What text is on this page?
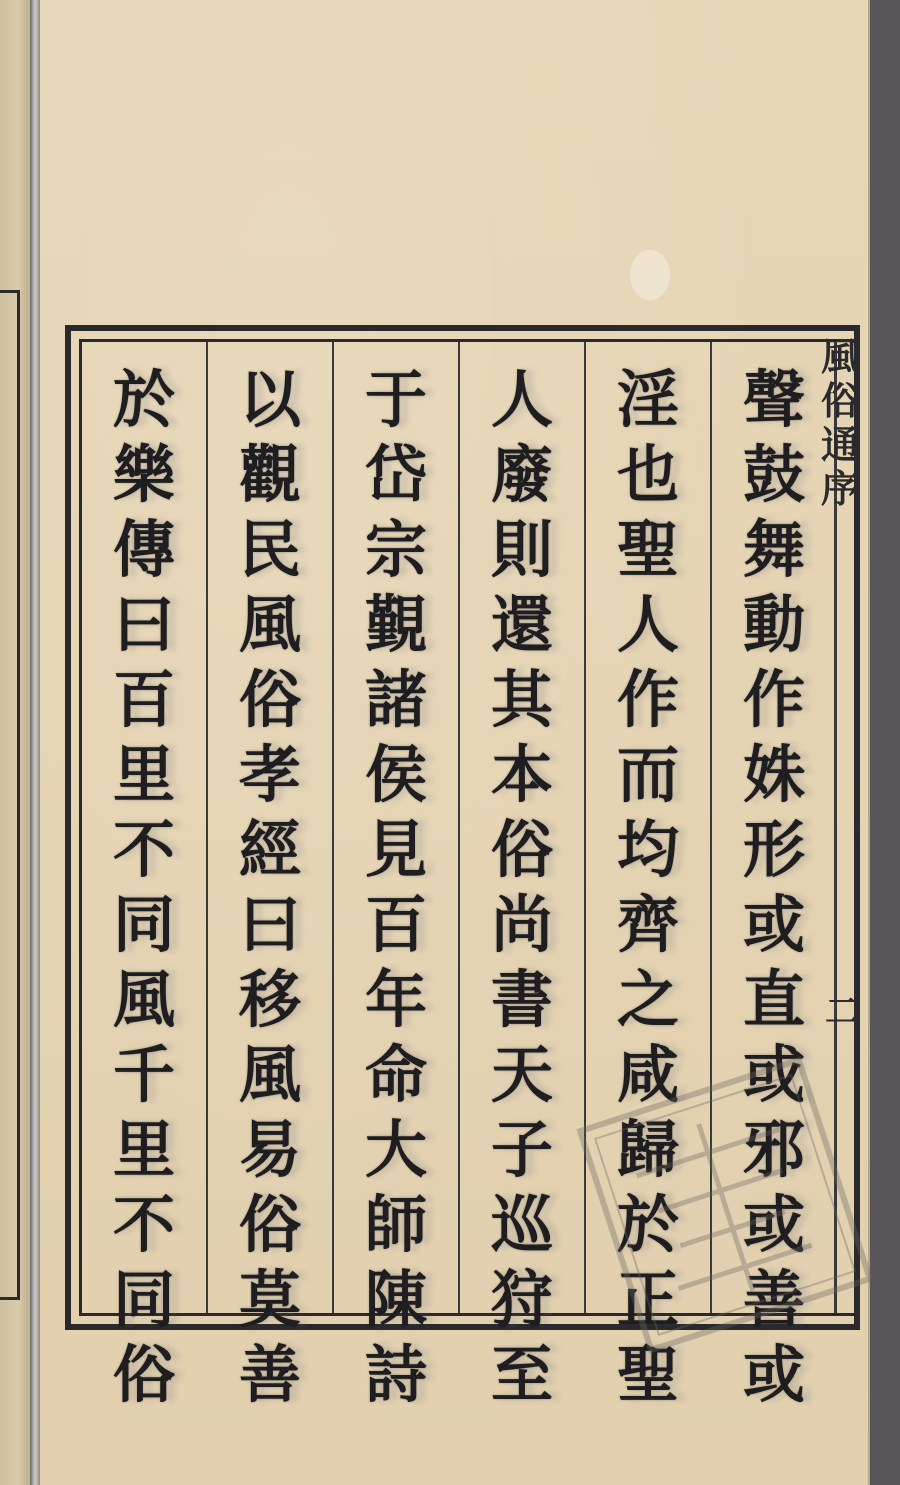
聲
鼓
舞
動
作
姝
形
或
直
或
邪
或
善
或
淫
也
聖
人
作
而
均
齊
之
咸
歸
於
正
聖
人
廢
則
還
其
本
俗
尚
書
天
子
巡
狩
至
于
岱
宗
覲
諸
侯
見
百
年
命
大
師
陳
詩
以
觀
民
風
俗
孝
經
曰
移
風
易
俗
莫
善
於
樂
傳
曰
百
里
不
同
風
千
里
不
同
俗
風
俗
通
序
二
